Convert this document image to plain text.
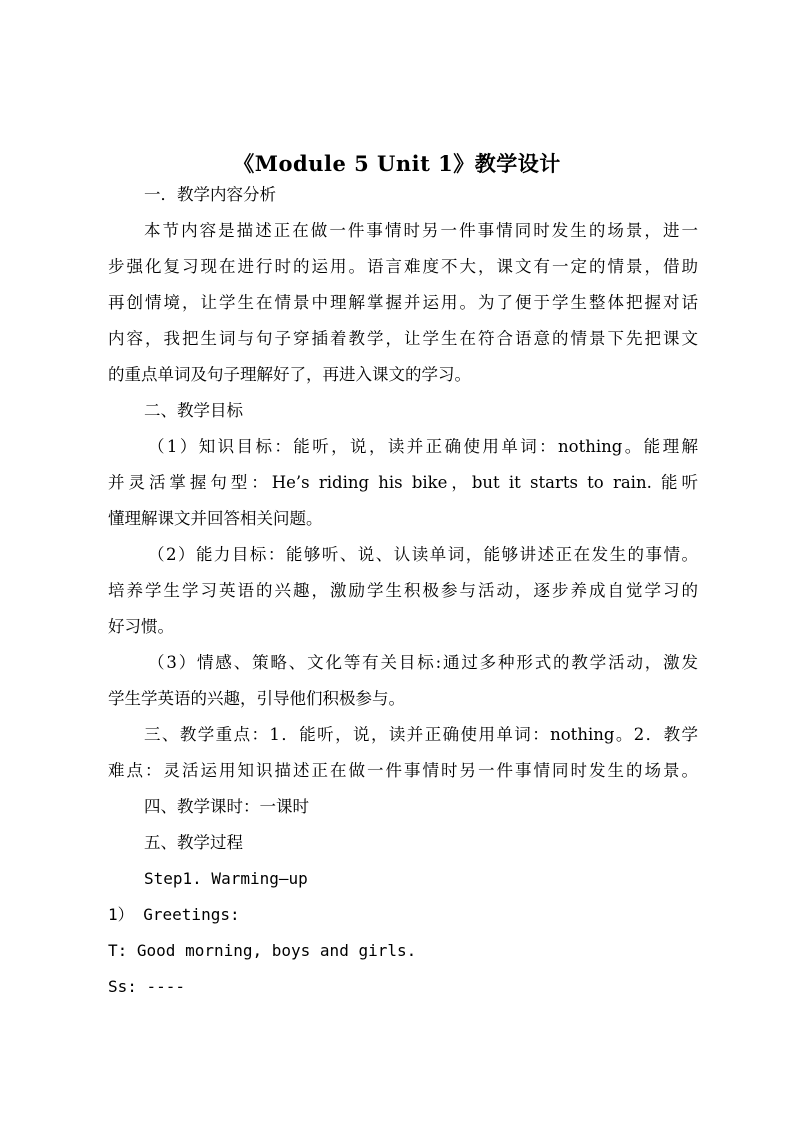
《Module 5 Unit 1》教学设计
一．教学内容分析
本节内容是描述正在做一件事情时另一件事情同时发生的场景，进一
步强化复习现在进行时的运用。语言难度不大，课文有一定的情景，借助
再创情境，让学生在情景中理解掌握并运用。为了便于学生整体把握对话
内容，我把生词与句子穿插着教学，让学生在符合语意的情景下先把课文
的重点单词及句子理解好了，再进入课文的学习。
二、教学目标
（1）知识目标：能听，说，读并正确使用单词：nothing。能理解
并灵活掌握句型：He’s riding his bike，but it starts to rain. 能听
懂理解课文并回答相关问题。
（2）能力目标：能够听、说、认读单词，能够讲述正在发生的事情。
培养学生学习英语的兴趣，激励学生积极参与活动，逐步养成自觉学习的
好习惯。
（3）情感、策略、文化等有关目标:通过多种形式的教学活动，激发
学生学英语的兴趣，引导他们积极参与。
三、教学重点：1．能听，说，读并正确使用单词：nothing。2．教学
难点：灵活运用知识描述正在做一件事情时另一件事情同时发生的场景。
四、教学课时：一课时
五、教学过程
Step1. Warming—up
1） Greetings:
T: Good morning, boys and girls.
Ss: ----
